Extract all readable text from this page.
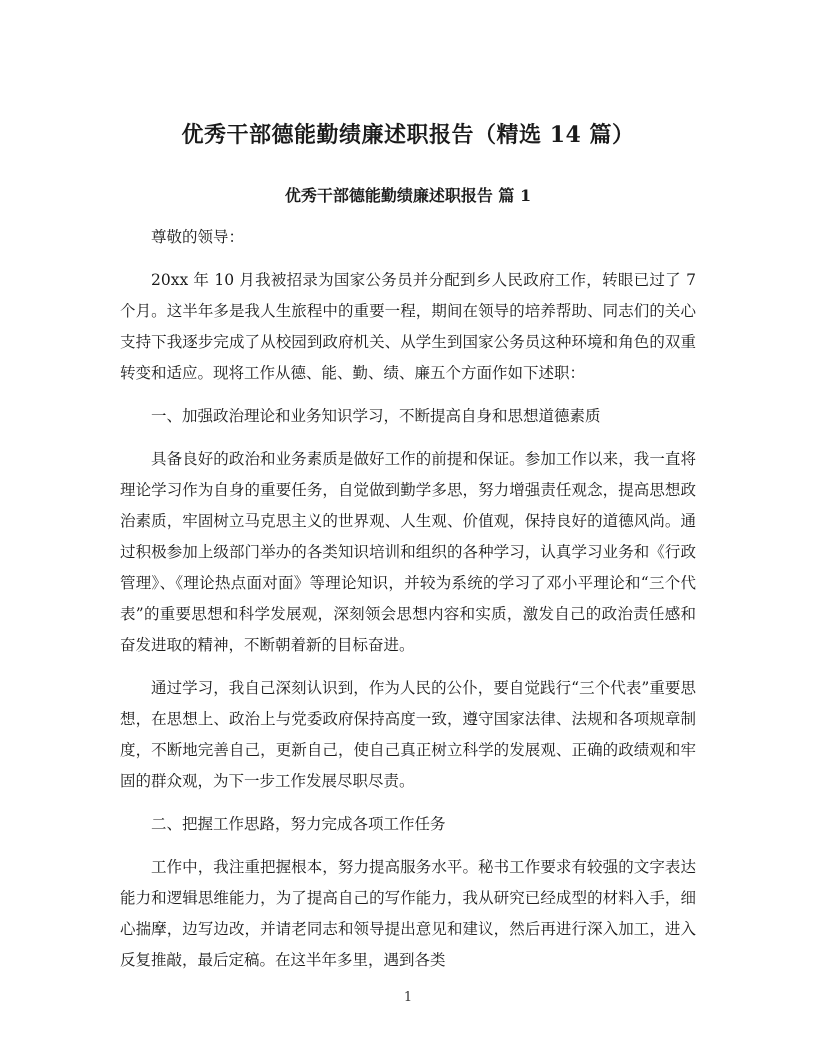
优秀干部德能勤绩廉述职报告（精选 14 篇）
优秀干部德能勤绩廉述职报告 篇 1

尊敬的领导：

20xx 年 10 月我被招录为国家公务员并分配到乡人民政府工作，转眼已过了 7 个月。这半年多是我人生旅程中的重要一程，期间在领导的培养帮助、同志们的关心支持下我逐步完成了从校园到政府机关、从学生到国家公务员这种环境和角色的双重转变和适应。现将工作从德、能、勤、绩、廉五个方面作如下述职：

一、加强政治理论和业务知识学习，不断提高自身和思想道德素质

具备良好的政治和业务素质是做好工作的前提和保证。参加工作以来，我一直将理论学习作为自身的重要任务，自觉做到勤学多思，努力增强责任观念，提高思想政治素质，牢固树立马克思主义的世界观、人生观、价值观，保持良好的道德风尚。通过积极参加上级部门举办的各类知识培训和组织的各种学习，认真学习业务和《行政管理》、《理论热点面对面》等理论知识，并较为系统的学习了邓小平理论和“三个代表”的重要思想和科学发展观，深刻领会思想内容和实质，激发自己的政治责任感和奋发进取的精神，不断朝着新的目标奋进。

通过学习，我自己深刻认识到，作为人民的公仆，要自觉践行“三个代表”重要思想，在思想上、政治上与党委政府保持高度一致，遵守国家法律、法规和各项规章制度，不断地完善自己，更新自己，使自己真正树立科学的发展观、正确的政绩观和牢固的群众观，为下一步工作发展尽职尽责。

二、把握工作思路，努力完成各项工作任务

工作中，我注重把握根本，努力提高服务水平。秘书工作要求有较强的文字表达能力和逻辑思维能力，为了提高自己的写作能力，我从研究已经成型的材料入手，细心揣摩，边写边改，并请老同志和领导提出意见和建议，然后再进行深入加工，进入反复推敲，最后定稿。在这半年多里，遇到各类

1
